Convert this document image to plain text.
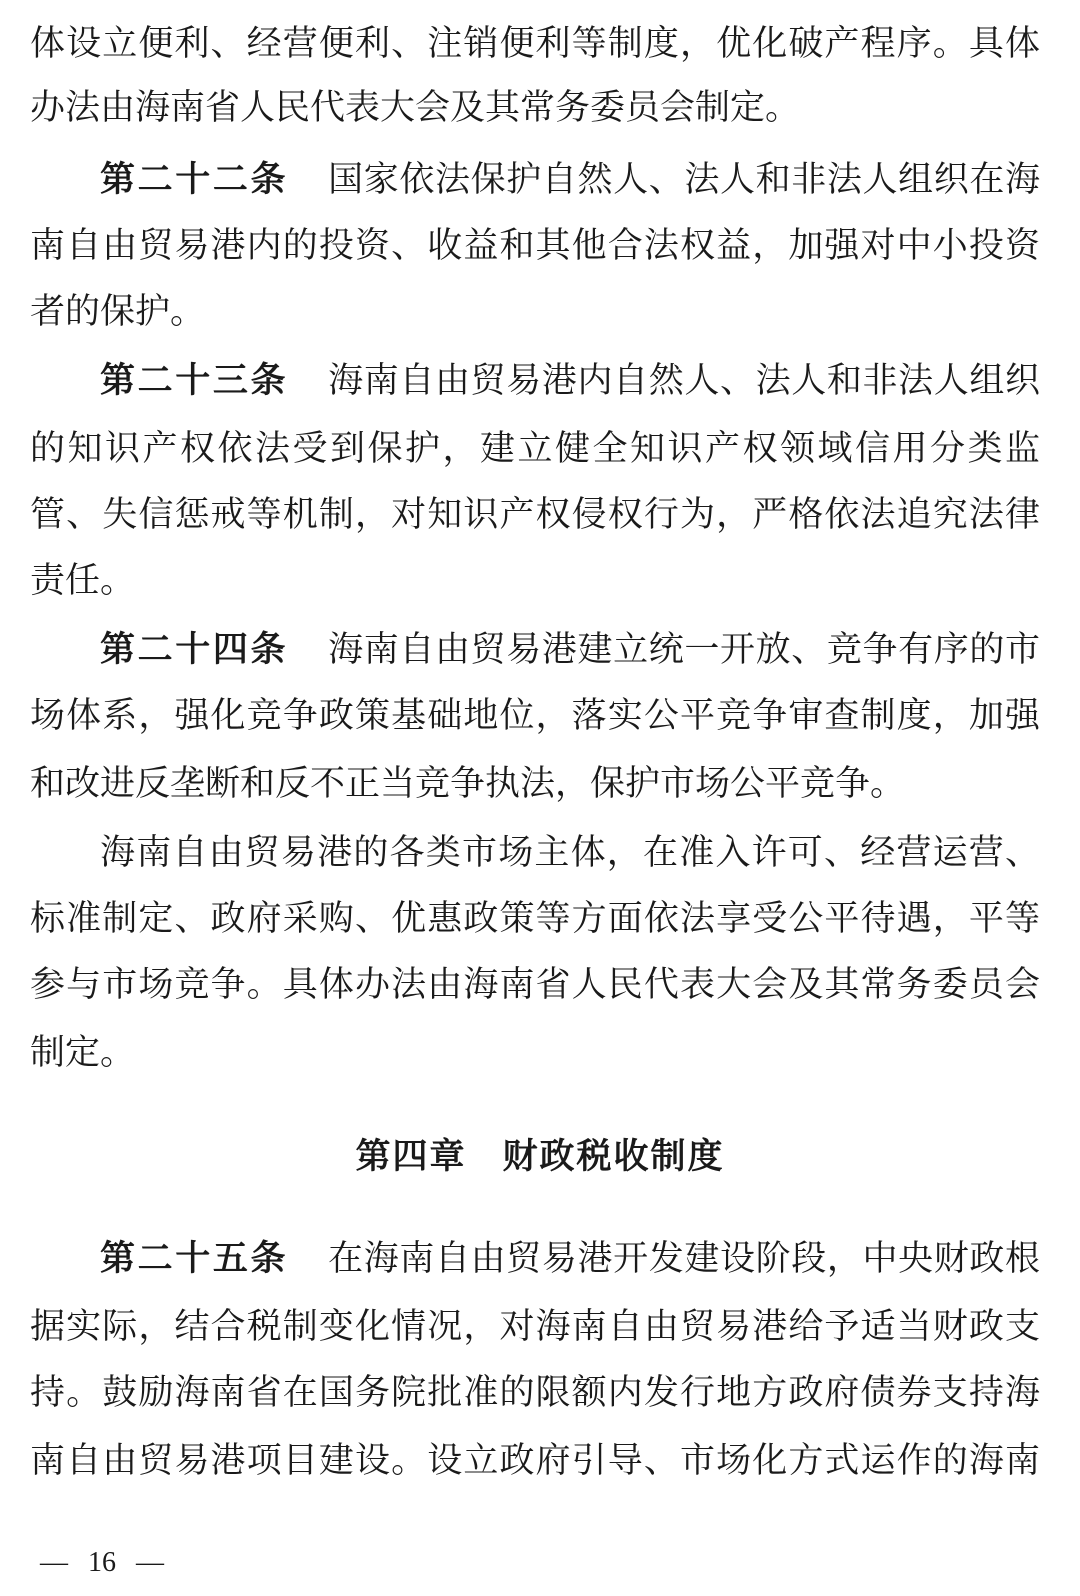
体设立便利、经营便利、注销便利等制度，优化破产程序。具体
办法由海南省人民代表大会及其常务委员会制定。
第二十二条 国家依法保护自然人、法人和非法人组织在海
南自由贸易港内的投资、收益和其他合法权益，加强对中小投资
者的保护。
第二十三条 海南自由贸易港内自然人、法人和非法人组织
的知识产权依法受到保护，建立健全知识产权领域信用分类监
管、失信惩戒等机制，对知识产权侵权行为，严格依法追究法律
责任。
第二十四条 海南自由贸易港建立统一开放、竞争有序的市
场体系，强化竞争政策基础地位，落实公平竞争审查制度，加强
和改进反垄断和反不正当竞争执法，保护市场公平竞争。
海南自由贸易港的各类市场主体，在准入许可、经营运营、
标准制定、政府采购、优惠政策等方面依法享受公平待遇，平等
参与市场竞争。具体办法由海南省人民代表大会及其常务委员会
制定。
第四章 财政税收制度
第二十五条 在海南自由贸易港开发建设阶段，中央财政根
据实际，结合税制变化情况，对海南自由贸易港给予适当财政支
持。鼓励海南省在国务院批准的限额内发行地方政府债券支持海
南自由贸易港项目建设。设立政府引导、市场化方式运作的海南
— 16 —
